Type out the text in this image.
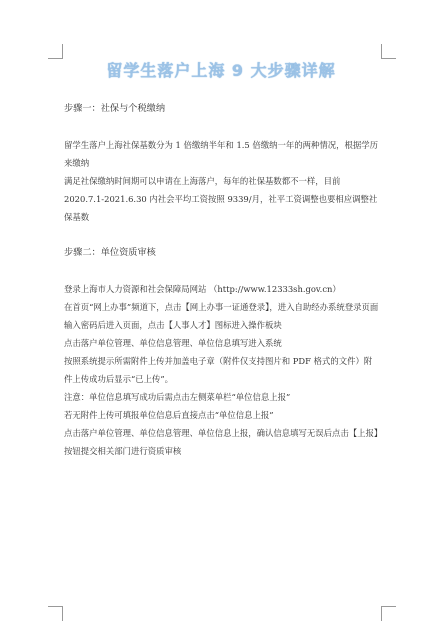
留学生落户上海 9 大步骤详解

步骤一：社保与个税缴纳

留学生落户上海社保基数分为 1 倍缴纳半年和 1.5 倍缴纳一年的两种情况，根据学历来缴纳

满足社保缴纳时间期可以申请在上海落户，每年的社保基数都不一样，目前 2020.7.1-2021.6.30 内社会平均工资按照 9339/月，社平工资调整也要相应调整社保基数

步骤二：单位资质审核

登录上海市人力资源和社会保障局网站 （http://www.12333sh.gov.cn）

在首页“网上办事”频道下，点击【网上办事一证通登录】，进入自助经办系统登录页面

输入密码后进入页面，点击【人事人才】图标进入操作板块

点击落户单位管理、单位信息管理、单位信息填写进入系统

按照系统提示所需附件上传并加盖电子章（附件仅支持图片和 PDF 格式的文件）附件上传成功后显示“已上传”。

注意：单位信息填写成功后需点击左侧菜单栏“单位信息上报”

若无附件上传可填报单位信息后直接点击“单位信息上报”

点击落户单位管理、单位信息管理、单位信息上报，确认信息填写无误后点击【上报】按钮提交相关部门进行资质审核
